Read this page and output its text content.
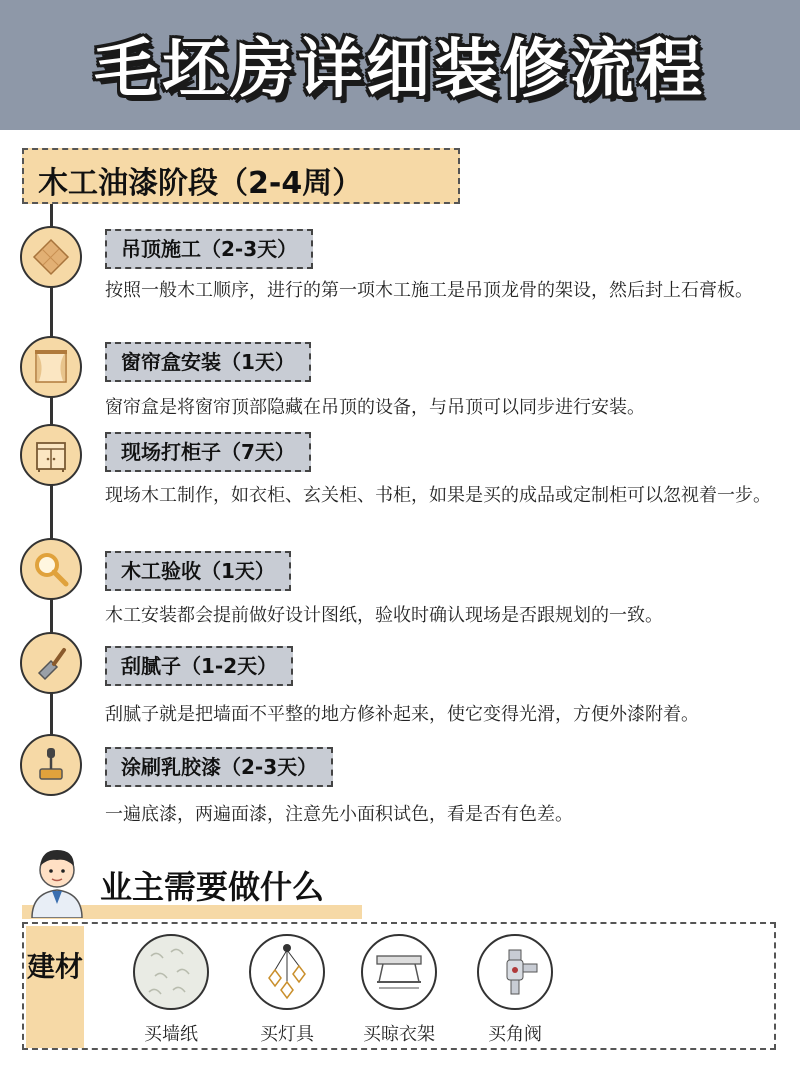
毛坯房详细装修流程
木工油漆阶段（2-4周）
吊顶施工（2-3天）
按照一般木工顺序，进行的第一项木工施工是吊顶龙骨的架设，然后封上石膏板。
窗帘盒安装（1天）
窗帘盒是将窗帘顶部隐藏在吊顶的设备，与吊顶可以同步进行安装。
现场打柜子（7天）
现场木工制作，如衣柜、玄关柜、书柜，如果是买的成品或定制柜可以忽视着一步。
木工验收（1天）
木工安装都会提前做好设计图纸，验收时确认现场是否跟规划的一致。
刮腻子（1-2天）
刮腻子就是把墙面不平整的地方修补起来，使它变得光滑，方便外漆附着。
涂刷乳胶漆（2-3天）
一遍底漆，两遍面漆，注意先小面积试色，看是否有色差。
业主需要做什么
建材
买墙纸	买灯具	买晾衣架	买角阀
